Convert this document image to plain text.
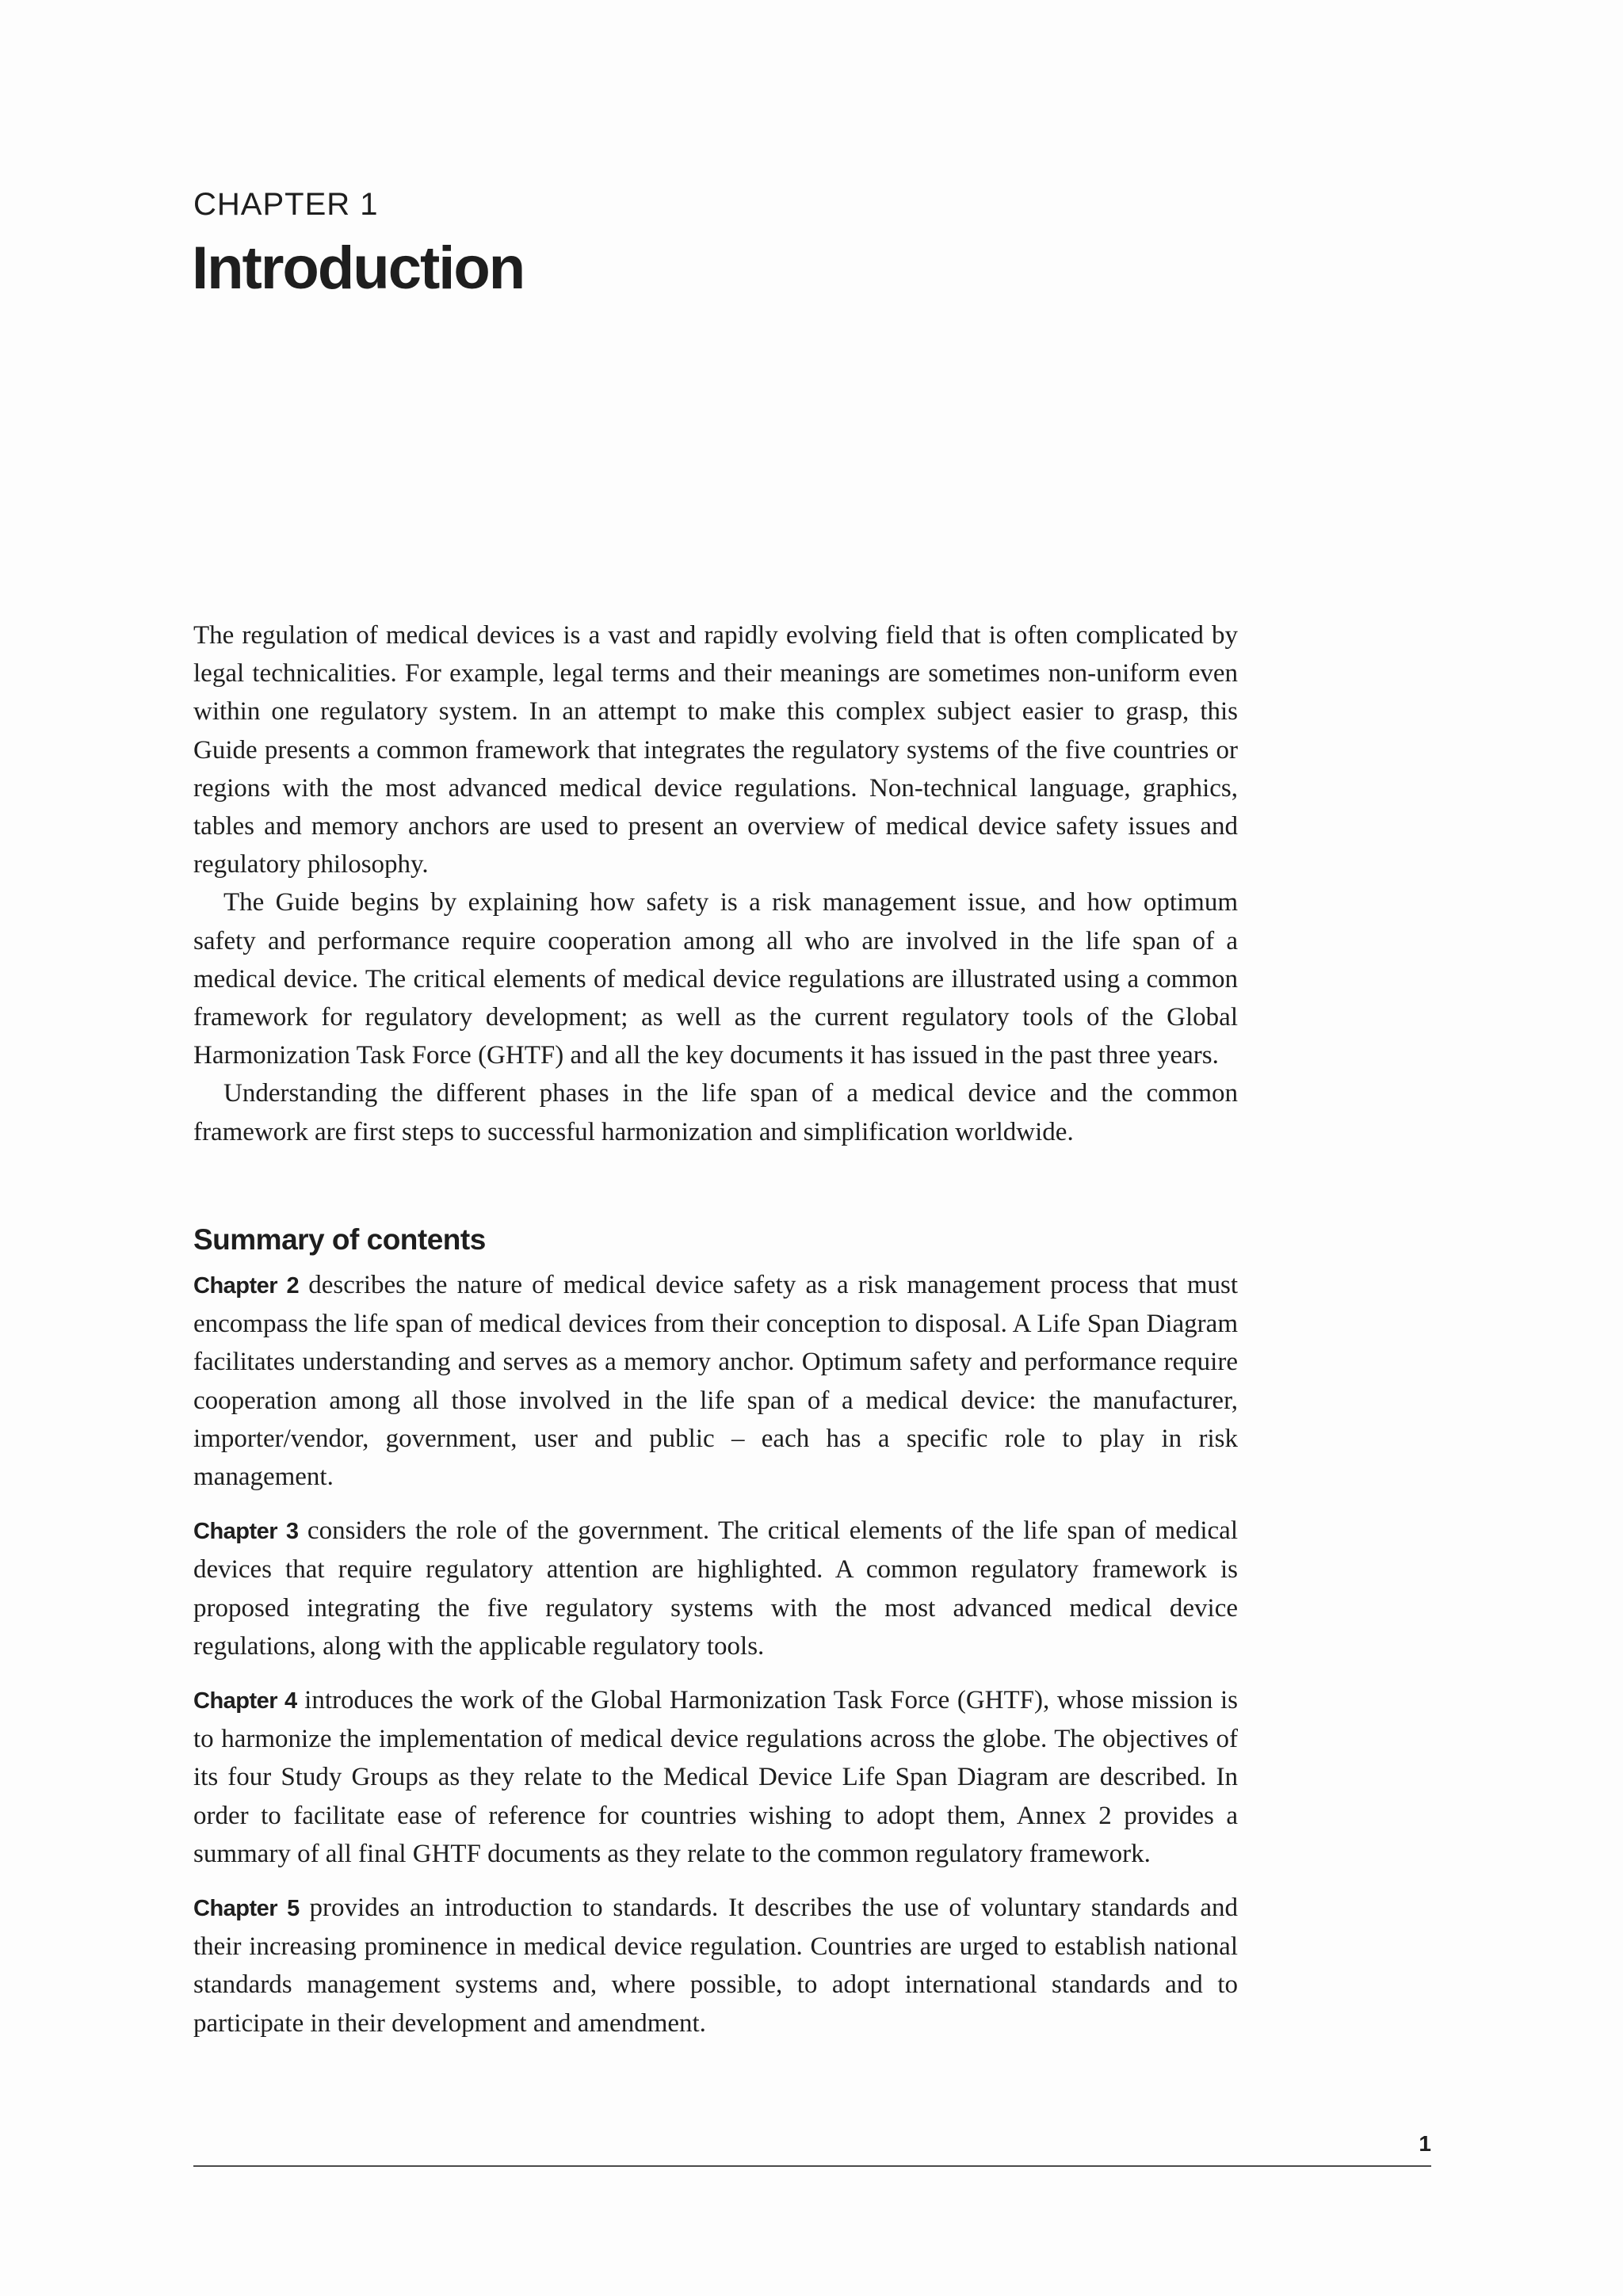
CHAPTER 1
Introduction

The regulation of medical devices is a vast and rapidly evolving field that is often complicated by legal technicalities. For example, legal terms and their meanings are sometimes non-uniform even within one regulatory system. In an attempt to make this complex subject easier to grasp, this Guide presents a common framework that integrates the regulatory systems of the five countries or regions with the most advanced medical device regulations. Non-technical language, graphics, tables and memory anchors are used to present an overview of medical device safety issues and regulatory philosophy.

The Guide begins by explaining how safety is a risk management issue, and how optimum safety and performance require cooperation among all who are involved in the life span of a medical device. The critical elements of medical device regulations are illustrated using a common framework for regulatory development; as well as the current regulatory tools of the Global Harmonization Task Force (GHTF) and all the key documents it has issued in the past three years.

Understanding the different phases in the life span of a medical device and the common framework are first steps to successful harmonization and simplification worldwide.

Summary of contents

Chapter 2 describes the nature of medical device safety as a risk management process that must encompass the life span of medical devices from their conception to disposal. A Life Span Diagram facilitates understanding and serves as a memory anchor. Optimum safety and performance require cooperation among all those involved in the life span of a medical device: the manufacturer, importer/vendor, government, user and public – each has a specific role to play in risk management.

Chapter 3 considers the role of the government. The critical elements of the life span of medical devices that require regulatory attention are highlighted. A common regulatory framework is proposed integrating the five regulatory systems with the most advanced medical device regulations, along with the applicable regulatory tools.

Chapter 4 introduces the work of the Global Harmonization Task Force (GHTF), whose mission is to harmonize the implementation of medical device regulations across the globe. The objectives of its four Study Groups as they relate to the Medical Device Life Span Diagram are described. In order to facilitate ease of reference for countries wishing to adopt them, Annex 2 provides a summary of all final GHTF documents as they relate to the common regulatory framework.

Chapter 5 provides an introduction to standards. It describes the use of voluntary standards and their increasing prominence in medical device regulation. Countries are urged to establish national standards management systems and, where possible, to adopt international standards and to participate in their development and amendment.

1
